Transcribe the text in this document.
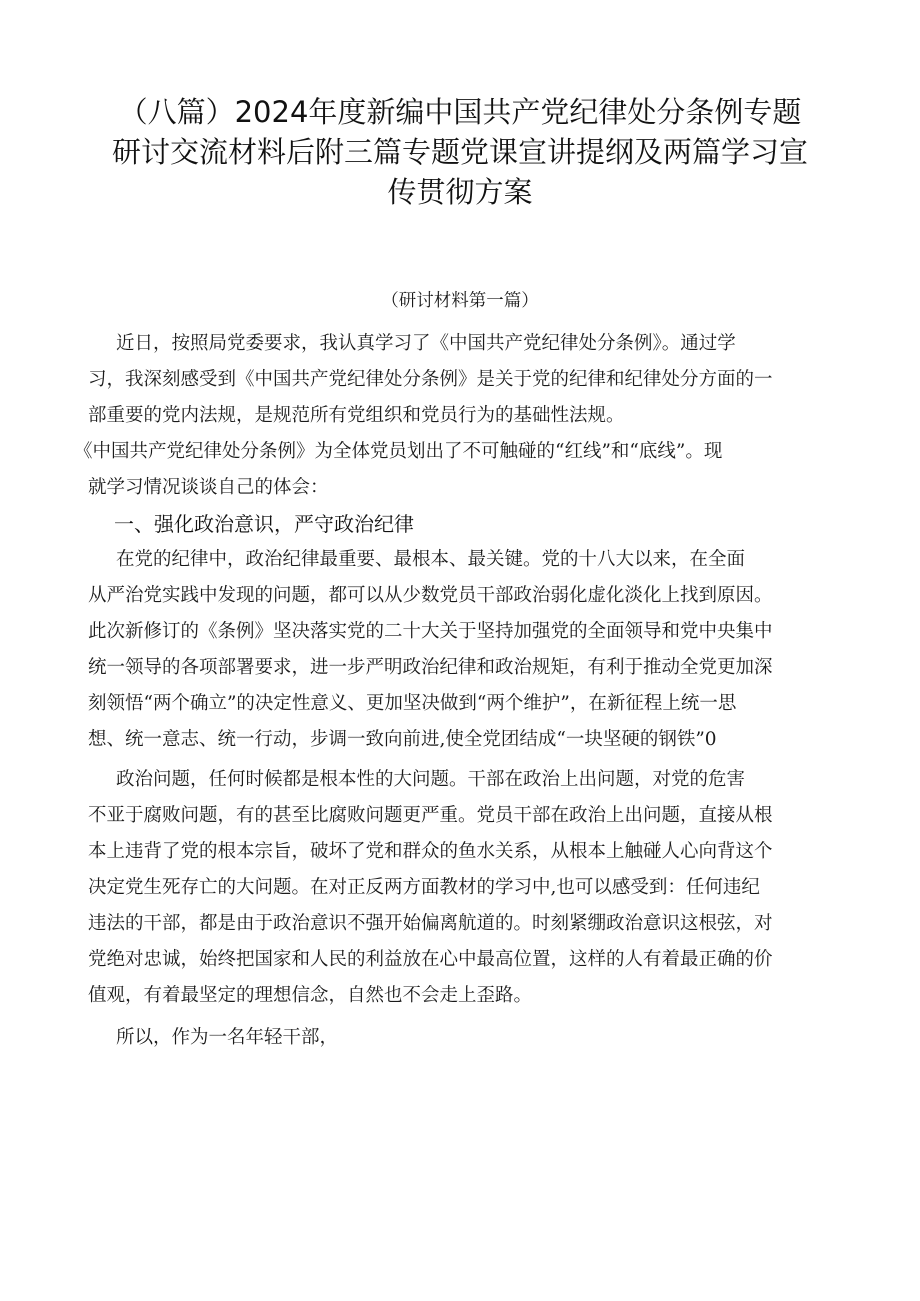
（八篇）2024年度新编中国共产党纪律处分条例专题
研讨交流材料后附三篇专题党课宣讲提纲及两篇学习宣
传贯彻方案
（研讨材料第一篇）
近日，按照局党委要求，我认真学习了《中国共产党纪律处分条例》。通过学
习，我深刻感受到《中国共产党纪律处分条例》是关于党的纪律和纪律处分方面的一
部重要的党内法规，是规范所有党组织和党员行为的基础性法规。
《中国共产党纪律处分条例》为全体党员划出了不可触碰的“红线”和“底线”。现
就学习情况谈谈自己的体会：
一、强化政治意识，严守政治纪律
在党的纪律中，政治纪律最重要、最根本、最关键。党的十八大以来，在全面
从严治党实践中发现的问题，都可以从少数党员干部政治弱化虚化淡化上找到原因。
此次新修订的《条例》坚决落实党的二十大关于坚持加强党的全面领导和党中央集中
统一领导的各项部署要求，进一步严明政治纪律和政治规矩，有利于推动全党更加深
刻领悟“两个确立”的决定性意义、更加坚决做到“两个维护”，在新征程上统一思
想、统一意志、统一行动，步调一致向前进,使全党团结成“一块坚硬的钢铁”0
政治问题，任何时候都是根本性的大问题。干部在政治上出问题，对党的危害
不亚于腐败问题，有的甚至比腐败问题更严重。党员干部在政治上出问题，直接从根
本上违背了党的根本宗旨，破坏了党和群众的鱼水关系，从根本上触碰人心向背这个
决定党生死存亡的大问题。在对正反两方面教材的学习中,也可以感受到：任何违纪
违法的干部，都是由于政治意识不强开始偏离航道的。时刻紧绷政治意识这根弦，对
党绝对忠诚，始终把国家和人民的利益放在心中最高位置，这样的人有着最正确的价
值观，有着最坚定的理想信念，自然也不会走上歪路。
所以，作为一名年轻干部，
